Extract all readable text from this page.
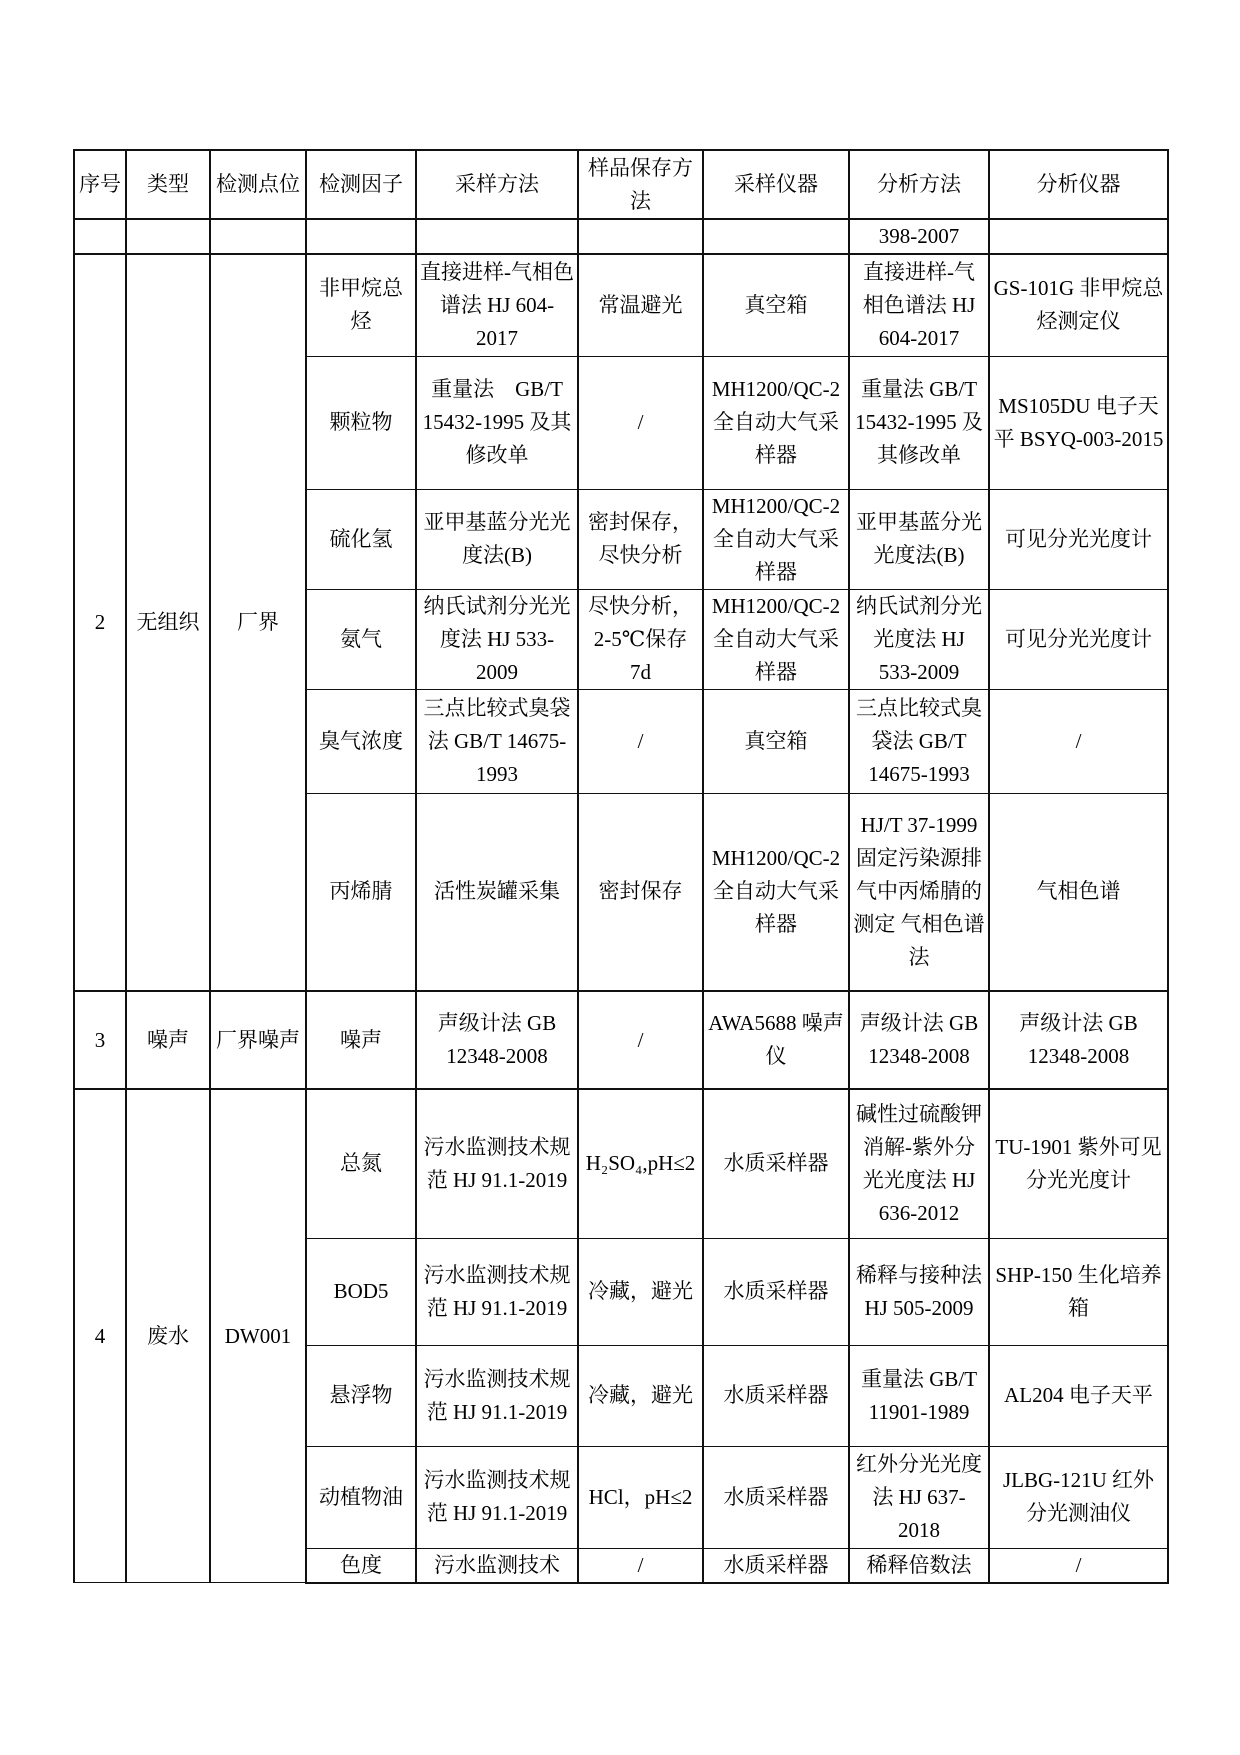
序号	类型	检测点位	检测因子	采样方法	样品保存方法	采样仪器	分析方法	分析仪器
							398-2007	
2	无组织	厂界	非甲烷总烃	直接进样-气相色谱法 HJ 604-2017	常温避光	真空箱	直接进样-气相色谱法 HJ 604-2017	GS-101G 非甲烷总烃测定仪
			颗粒物	重量法　GB/T 15432-1995 及其修改单	/	MH1200/QC-2 全自动大气采样器	重量法 GB/T 15432-1995 及其修改单	MS105DU 电子天平 BSYQ-003-2015
			硫化氢	亚甲基蓝分光光度法(B)	密封保存，尽快分析	MH1200/QC-2 全自动大气采样器	亚甲基蓝分光光度法(B)	可见分光光度计
			氨气	纳氏试剂分光光度法 HJ 533-2009	尽快分析，2-5℃保存 7d	MH1200/QC-2 全自动大气采样器	纳氏试剂分光光度法 HJ 533-2009	可见分光光度计
			臭气浓度	三点比较式臭袋法 GB/T 14675-1993	/	真空箱	三点比较式臭袋法 GB/T 14675-1993	/
			丙烯腈	活性炭罐采集	密封保存	MH1200/QC-2 全自动大气采样器	HJ/T 37-1999 固定污染源排气中丙烯腈的测定 气相色谱法	气相色谱
3	噪声	厂界噪声	噪声	声级计法 GB 12348-2008	/	AWA5688 噪声仪	声级计法 GB 12348-2008	声级计法 GB 12348-2008
4	废水	DW001	总氮	污水监测技术规范 HJ 91.1-2019	H₂SO₄,pH≤2	水质采样器	碱性过硫酸钾消解-紫外分光光度法 HJ 636-2012	TU-1901 紫外可见分光光度计
			BOD5	污水监测技术规范 HJ 91.1-2019	冷藏，避光	水质采样器	稀释与接种法 HJ 505-2009	SHP-150 生化培养箱
			悬浮物	污水监测技术规范 HJ 91.1-2019	冷藏，避光	水质采样器	重量法 GB/T 11901-1989	AL204 电子天平
			动植物油	污水监测技术规范 HJ 91.1-2019	HCl，pH≤2	水质采样器	红外分光光度法 HJ 637-2018	JLBG-121U 红外分光测油仪
			色度	污水监测技术	/	水质采样器	稀释倍数法	/
